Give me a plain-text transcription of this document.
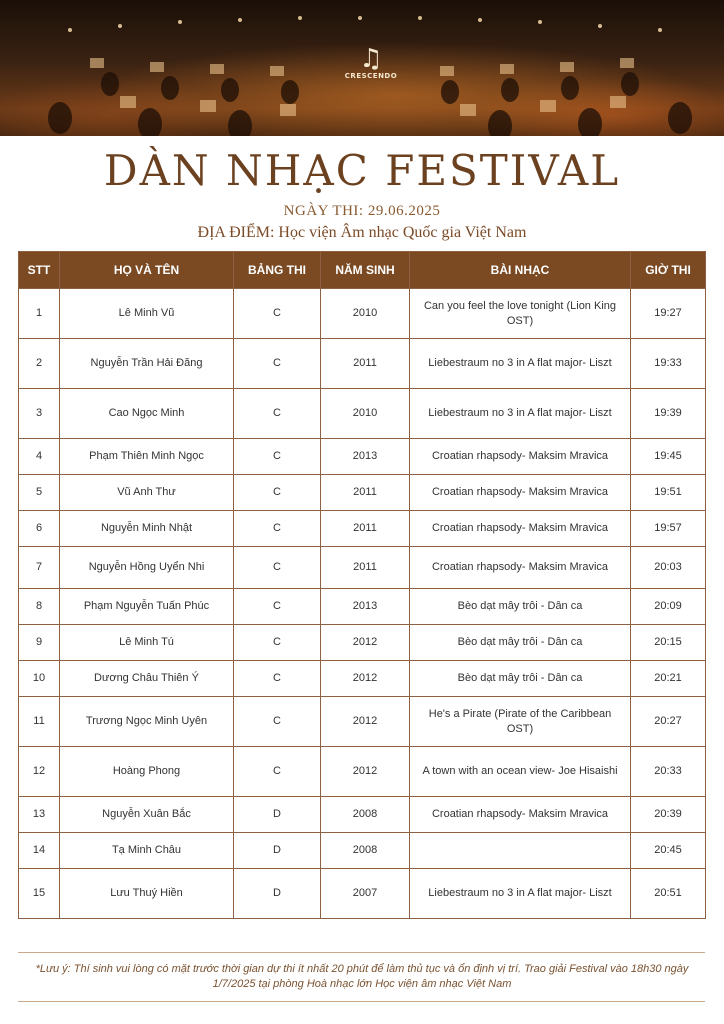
♫
CRESCENDO
DÀN NHẠC FESTIVAL
NGÀY THI: 29.06.2025
ĐỊA ĐIỂM: Học viện Âm nhạc Quốc gia Việt Nam
STT	HỌ VÀ TÊN	BẢNG THI	NĂM SINH	BÀI NHẠC	GIỜ THI
1	Lê Minh Vũ	C	2010	Can you feel the love tonight (Lion King OST)	19:27
2	Nguyễn Trần Hải Đăng	C	2011	Liebestraum no 3 in A flat major- Liszt	19:33
3	Cao Ngọc Minh	C	2010	Liebestraum no 3 in A flat major- Liszt	19:39
4	Phạm Thiên Minh Ngọc	C	2013	Croatian rhapsody- Maksim Mravica	19:45
5	Vũ Anh Thư	C	2011	Croatian rhapsody- Maksim Mravica	19:51
6	Nguyễn Minh Nhật	C	2011	Croatian rhapsody- Maksim Mravica	19:57
7	Nguyễn Hồng Uyển Nhi	C	2011	Croatian rhapsody- Maksim Mravica	20:03
8	Phạm Nguyễn Tuấn Phúc	C	2013	Bèo dạt mây trôi - Dân ca	20:09
9	Lê Minh Tú	C	2012	Bèo dạt mây trôi - Dân ca	20:15
10	Dương Châu Thiên Ý	C	2012	Bèo dạt mây trôi - Dân ca	20:21
11	Trương Ngọc Minh Uyên	C	2012	He's a Pirate (Pirate of the Caribbean OST)	20:27
12	Hoàng Phong	C	2012	A town with an ocean view- Joe Hisaishi	20:33
13	Nguyễn Xuân Bắc	D	2008	Croatian rhapsody- Maksim Mravica	20:39
14	Tạ Minh Châu	D	2008		20:45
15	Lưu Thuý Hiền	D	2007	Liebestraum no 3 in A flat major- Liszt	20:51
*Lưu ý: Thí sinh vui lòng có mặt trước thời gian dự thi ít nhất 20 phút để làm thủ tục và ổn định vị trí. Trao giải Festival vào 18h30 ngày 1/7/2025 tại phòng Hoà nhạc lớn Học viện âm nhạc Việt Nam
